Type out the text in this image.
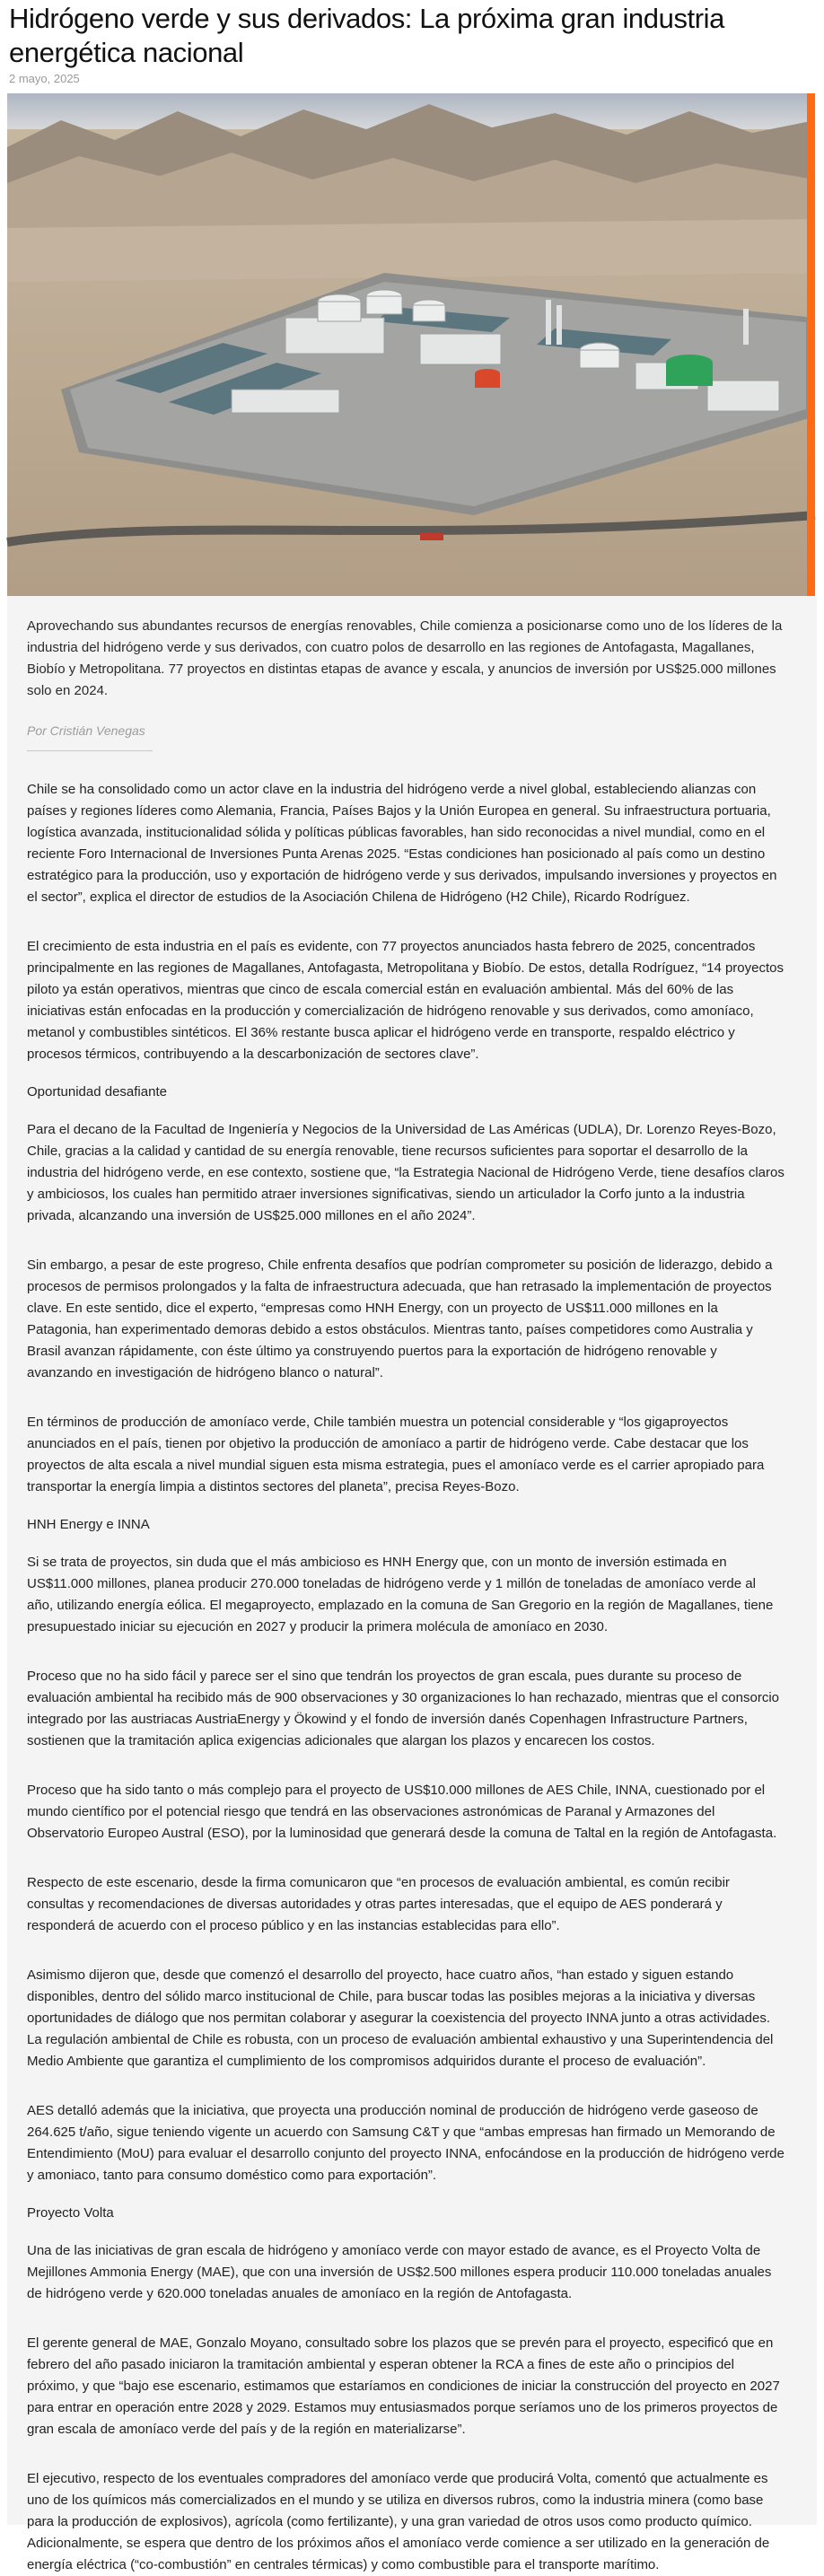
Hidrógeno verde y sus derivados: La próxima gran industria energética nacional
2 mayo, 2025

Aprovechando sus abundantes recursos de energías renovables, Chile comienza a posicionarse como uno de los líderes de la industria del hidrógeno verde y sus derivados, con cuatro polos de desarrollo en las regiones de Antofagasta, Magallanes, Biobío y Metropolitana. 77 proyectos en distintas etapas de avance y escala, y anuncios de inversión por US$25.000 millones solo en 2024.

Por Cristián Venegas

Chile se ha consolidado como un actor clave en la industria del hidrógeno verde a nivel global, estableciendo alianzas con países y regiones líderes como Alemania, Francia, Países Bajos y la Unión Europea en general. Su infraestructura portuaria, logística avanzada, institucionalidad sólida y políticas públicas favorables, han sido reconocidas a nivel mundial, como en el reciente Foro Internacional de Inversiones Punta Arenas 2025. “Estas condiciones han posicionado al país como un destino estratégico para la producción, uso y exportación de hidrógeno verde y sus derivados, impulsando inversiones y proyectos en el sector”, explica el director de estudios de la Asociación Chilena de Hidrógeno (H2 Chile), Ricardo Rodríguez.

El crecimiento de esta industria en el país es evidente, con 77 proyectos anunciados hasta febrero de 2025, concentrados principalmente en las regiones de Magallanes, Antofagasta, Metropolitana y Biobío. De estos, detalla Rodríguez, “14 proyectos piloto ya están operativos, mientras que cinco de escala comercial están en evaluación ambiental. Más del 60% de las iniciativas están enfocadas en la producción y comercialización de hidrógeno renovable y sus derivados, como amoníaco, metanol y combustibles sintéticos. El 36% restante busca aplicar el hidrógeno verde en transporte, respaldo eléctrico y procesos térmicos, contribuyendo a la descarbonización de sectores clave”.

Oportunidad desafiante

Para el decano de la Facultad de Ingeniería y Negocios de la Universidad de Las Américas (UDLA), Dr. Lorenzo Reyes-Bozo, Chile, gracias a la calidad y cantidad de su energía renovable, tiene recursos suficientes para soportar el desarrollo de la industria del hidrógeno verde, en ese contexto, sostiene que, “la Estrategia Nacional de Hidrógeno Verde, tiene desafíos claros y ambiciosos, los cuales han permitido atraer inversiones significativas, siendo un articulador la Corfo junto a la industria privada, alcanzando una inversión de US$25.000 millones en el año 2024”.

Sin embargo, a pesar de este progreso, Chile enfrenta desafíos que podrían comprometer su posición de liderazgo, debido a procesos de permisos prolongados y la falta de infraestructura adecuada, que han retrasado la implementación de proyectos clave. En este sentido, dice el experto, “empresas como HNH Energy, con un proyecto de US$11.000 millones en la Patagonia, han experimentado demoras debido a estos obstáculos. Mientras tanto, países competidores como Australia y Brasil avanzan rápidamente, con éste último ya construyendo puertos para la exportación de hidrógeno renovable y avanzando en investigación de hidrógeno blanco o natural”.

En términos de producción de amoníaco verde, Chile también muestra un potencial considerable y “los gigaproyectos anunciados en el país, tienen por objetivo la producción de amoníaco a partir de hidrógeno verde. Cabe destacar que los proyectos de alta escala a nivel mundial siguen esta misma estrategia, pues el amoníaco verde es el carrier apropiado para transportar la energía limpia a distintos sectores del planeta”, precisa Reyes-Bozo.

HNH Energy e INNA

Si se trata de proyectos, sin duda que el más ambicioso es HNH Energy que, con un monto de inversión estimada en US$11.000 millones, planea producir 270.000 toneladas de hidrógeno verde y 1 millón de toneladas de amoníaco verde al año, utilizando energía eólica. El megaproyecto, emplazado en la comuna de San Gregorio en la región de Magallanes, tiene presupuestado iniciar su ejecución en 2027 y producir la primera molécula de amoníaco en 2030.

Proceso que no ha sido fácil y parece ser el sino que tendrán los proyectos de gran escala, pues durante su proceso de evaluación ambiental ha recibido más de 900 observaciones y 30 organizaciones lo han rechazado, mientras que el consorcio integrado por las austriacas AustriaEnergy y Ökowind y el fondo de inversión danés Copenhagen Infrastructure Partners, sostienen que la tramitación aplica exigencias adicionales que alargan los plazos y encarecen los costos.

Proceso que ha sido tanto o más complejo para el proyecto de US$10.000 millones de AES Chile, INNA, cuestionado por el mundo científico por el potencial riesgo que tendrá en las observaciones astronómicas de Paranal y Armazones del Observatorio Europeo Austral (ESO), por la luminosidad que generará desde la comuna de Taltal en la región de Antofagasta.

Respecto de este escenario, desde la firma comunicaron que “en procesos de evaluación ambiental, es común recibir consultas y recomendaciones de diversas autoridades y otras partes interesadas, que el equipo de AES ponderará y responderá de acuerdo con el proceso público y en las instancias establecidas para ello”.

Asimismo dijeron que, desde que comenzó el desarrollo del proyecto, hace cuatro años, “han estado y siguen estando disponibles, dentro del sólido marco institucional de Chile, para buscar todas las posibles mejoras a la iniciativa y diversas oportunidades de diálogo que nos permitan colaborar y asegurar la coexistencia del proyecto INNA junto a otras actividades. La regulación ambiental de Chile es robusta, con un proceso de evaluación ambiental exhaustivo y una Superintendencia del Medio Ambiente que garantiza el cumplimiento de los compromisos adquiridos durante el proceso de evaluación”.

AES detalló además que la iniciativa, que proyecta una producción nominal de producción de hidrógeno verde gaseoso de 264.625 t/año, sigue teniendo vigente un acuerdo con Samsung C&T y que “ambas empresas han firmado un Memorando de Entendimiento (MoU) para evaluar el desarrollo conjunto del proyecto INNA, enfocándose en la producción de hidrógeno verde y amoniaco, tanto para consumo doméstico como para exportación”.

Proyecto Volta

Una de las iniciativas de gran escala de hidrógeno y amoníaco verde con mayor estado de avance, es el Proyecto Volta de Mejillones Ammonia Energy (MAE), que con una inversión de US$2.500 millones espera producir 110.000 toneladas anuales de hidrógeno verde y 620.000 toneladas anuales de amoníaco en la región de Antofagasta.

El gerente general de MAE, Gonzalo Moyano, consultado sobre los plazos que se prevén para el proyecto, especificó que en febrero del año pasado iniciaron la tramitación ambiental y esperan obtener la RCA a fines de este año o principios del próximo, y que “bajo ese escenario, estimamos que estaríamos en condiciones de iniciar la construcción del proyecto en 2027 para entrar en operación entre 2028 y 2029. Estamos muy entusiasmados porque seríamos uno de los primeros proyectos de gran escala de amoníaco verde del país y de la región en materializarse”.

El ejecutivo, respecto de los eventuales compradores del amoníaco verde que producirá Volta, comentó que actualmente es uno de los químicos más comercializados en el mundo y se utiliza en diversos rubros, como la industria minera (como base para la producción de explosivos), agrícola (como fertilizante), y una gran variedad de otros usos como producto químico. Adicionalmente, se espera que dentro de los próximos años el amoníaco verde comience a ser utilizado en la generación de energía eléctrica (“co-combustión” en centrales térmicas) y como combustible para el transporte marítimo.
